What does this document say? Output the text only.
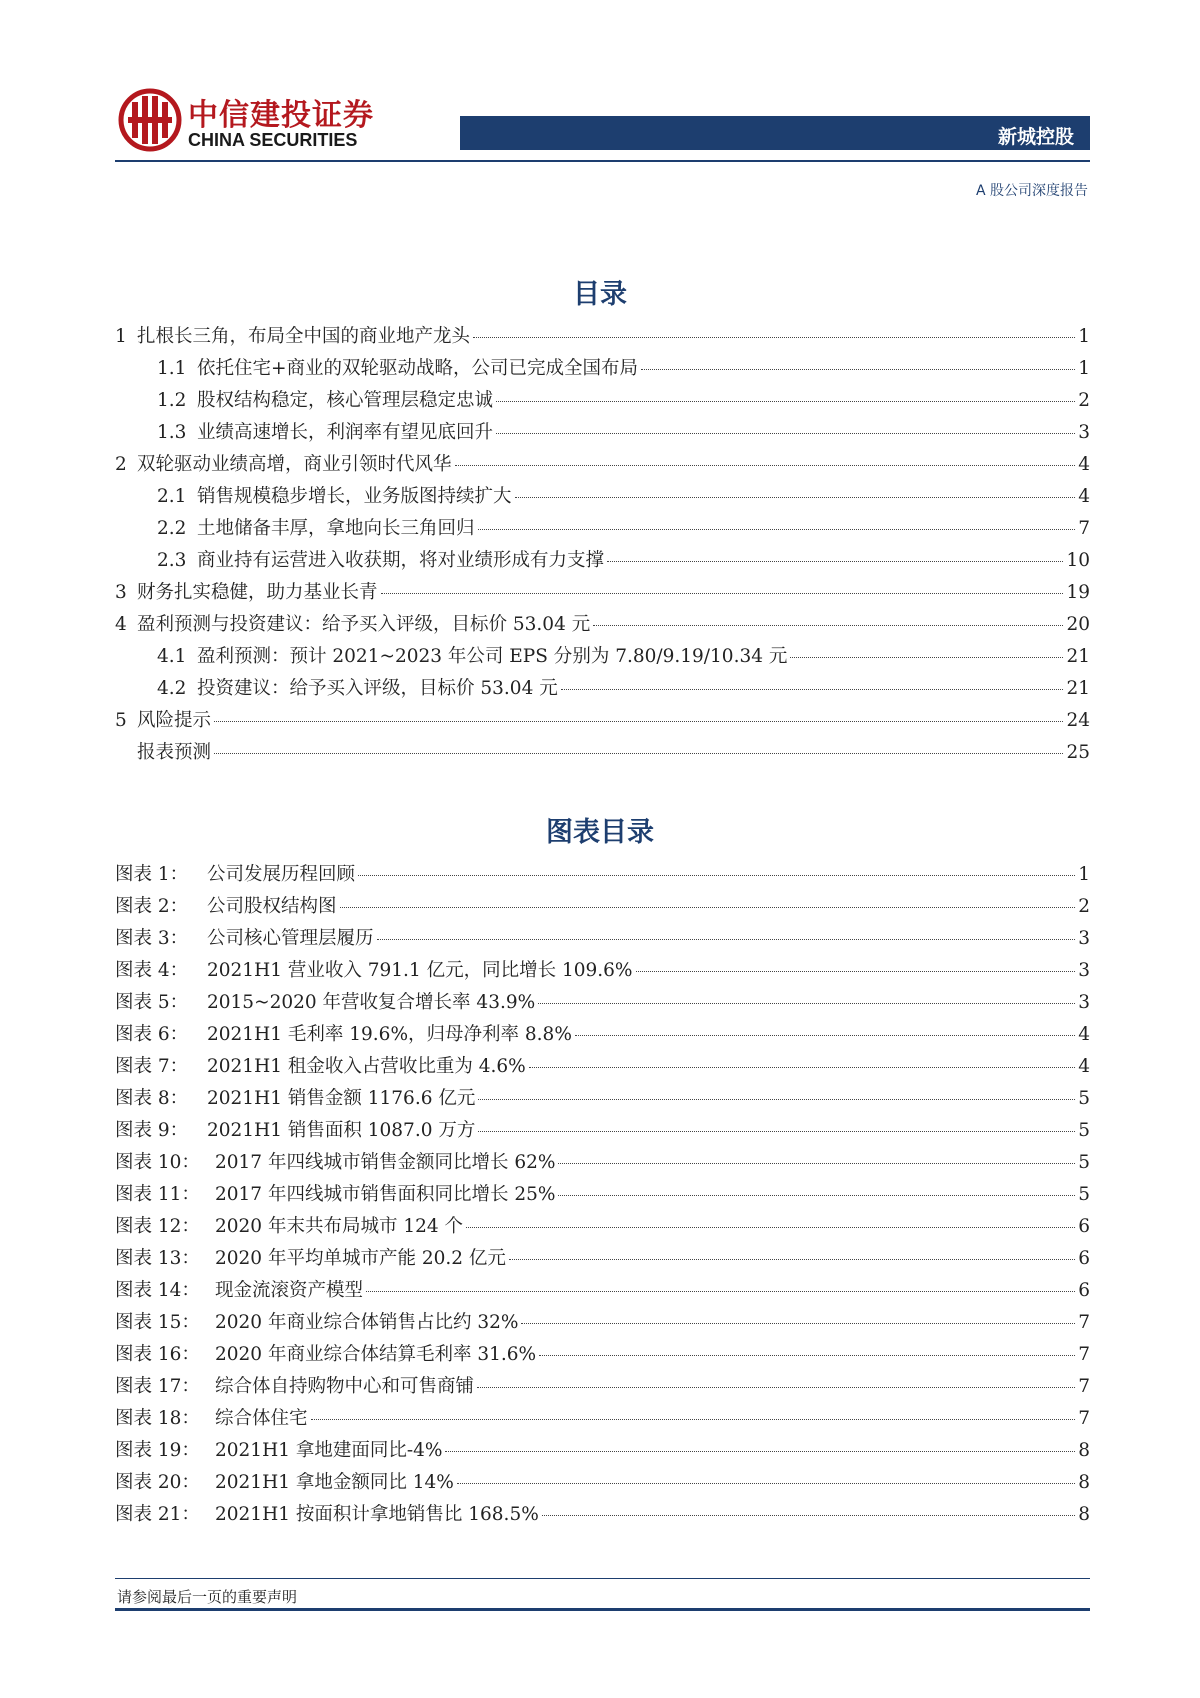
中信建投证券
CHINA SECURITIES	新城控股
A 股公司深度报告
目录
1 扎根长三角，布局全中国的商业地产龙头	1
1.1 依托住宅+商业的双轮驱动战略，公司已完成全国布局	1
1.2 股权结构稳定，核心管理层稳定忠诚	2
1.3 业绩高速增长，利润率有望见底回升	3
2 双轮驱动业绩高增，商业引领时代风华	4
2.1 销售规模稳步增长，业务版图持续扩大	4
2.2 土地储备丰厚，拿地向长三角回归	7
2.3 商业持有运营进入收获期，将对业绩形成有力支撑	10
3 财务扎实稳健，助力基业长青	19
4 盈利预测与投资建议：给予买入评级，目标价 53.04 元	20
4.1 盈利预测：预计 2021~2023 年公司 EPS 分别为 7.80/9.19/10.34 元	21
4.2 投资建议：给予买入评级，目标价 53.04 元	21
5 风险提示	24
报表预测	25
图表目录
图表 1：	公司发展历程回顾	1
图表 2：	公司股权结构图	2
图表 3：	公司核心管理层履历	3
图表 4：	2021H1 营业收入 791.1 亿元，同比增长 109.6%	3
图表 5：	2015~2020 年营收复合增长率 43.9%	3
图表 6：	2021H1 毛利率 19.6%，归母净利率 8.8%	4
图表 7：	2021H1 租金收入占营收比重为 4.6%	4
图表 8：	2021H1 销售金额 1176.6 亿元	5
图表 9：	2021H1 销售面积 1087.0 万方	5
图表 10： 2017 年四线城市销售金额同比增长 62%	5
图表 11： 2017 年四线城市销售面积同比增长 25%	5
图表 12： 2020 年末共布局城市 124 个	6
图表 13： 2020 年平均单城市产能 20.2 亿元	6
图表 14： 现金流滚资产模型	6
图表 15： 2020 年商业综合体销售占比约 32%	7
图表 16： 2020 年商业综合体结算毛利率 31.6%	7
图表 17： 综合体自持购物中心和可售商铺	7
图表 18： 综合体住宅	7
图表 19： 2021H1 拿地建面同比-4%	8
图表 20： 2021H1 拿地金额同比 14%	8
图表 21： 2021H1 按面积计拿地销售比 168.5%	8
请参阅最后一页的重要声明
